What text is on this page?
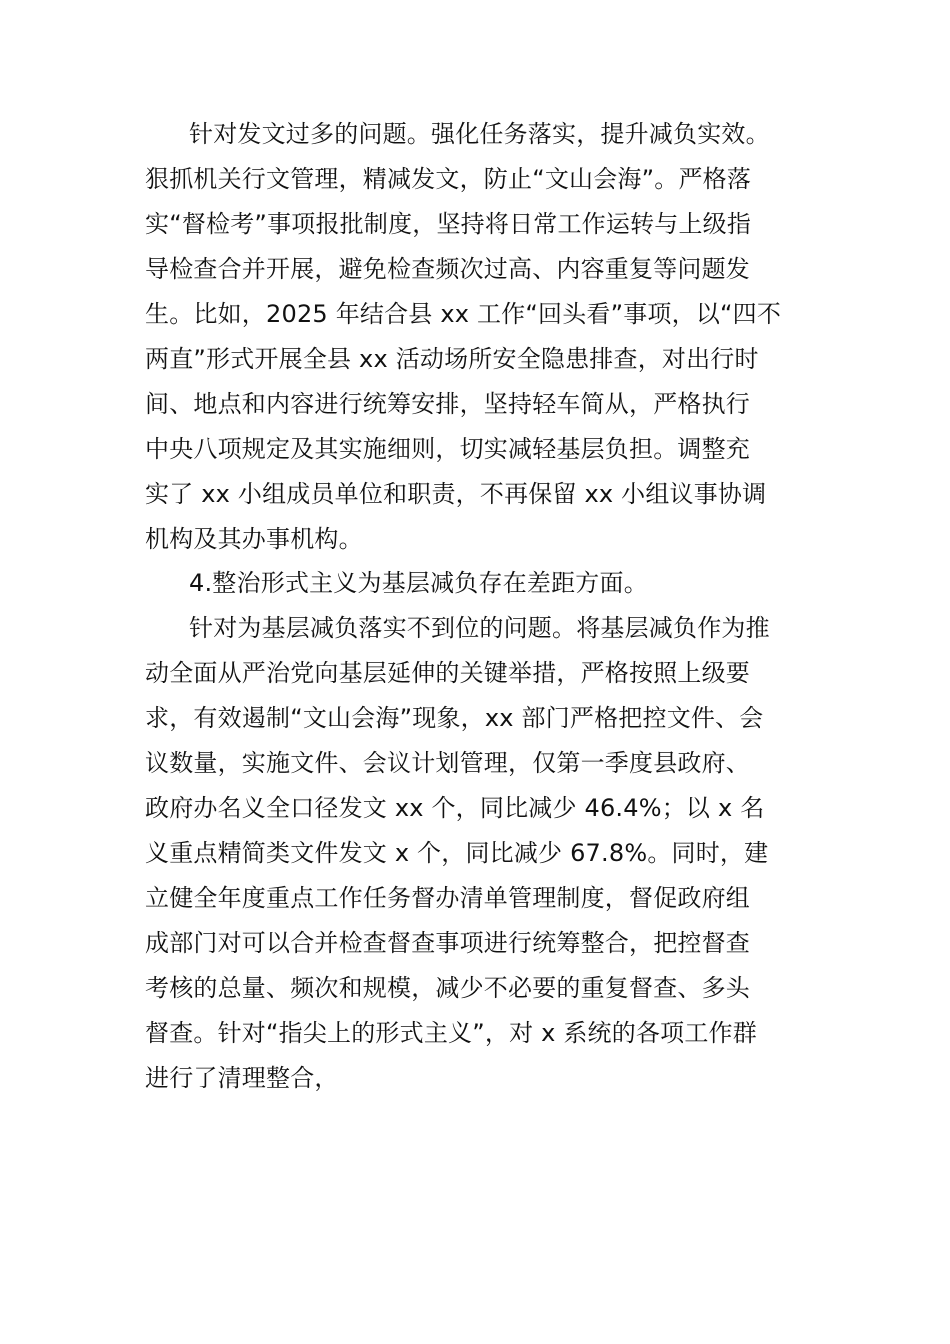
针对发文过多的问题。强化任务落实，提升减负实效。
狠抓机关行文管理，精减发文，防止“文山会海”。严格落
实“督检考”事项报批制度，坚持将日常工作运转与上级指
导检查合并开展，避免检查频次过高、内容重复等问题发
生。比如，2025 年结合县 xx 工作“回头看”事项，以“四不
两直”形式开展全县 xx 活动场所安全隐患排查，对出行时
间、地点和内容进行统筹安排，坚持轻车简从，严格执行
中央八项规定及其实施细则，切实减轻基层负担。调整充
实了 xx 小组成员单位和职责，不再保留 xx 小组议事协调
机构及其办事机构。
4.整治形式主义为基层减负存在差距方面。
针对为基层减负落实不到位的问题。将基层减负作为推
动全面从严治党向基层延伸的关键举措，严格按照上级要
求，有效遏制“文山会海”现象，xx 部门严格把控文件、会
议数量，实施文件、会议计划管理，仅第一季度县政府、
政府办名义全口径发文 xx 个，同比减少 46.4%；以 x 名
义重点精简类文件发文 x 个，同比减少 67.8%。同时，建
立健全年度重点工作任务督办清单管理制度，督促政府组
成部门对可以合并检查督查事项进行统筹整合，把控督查
考核的总量、频次和规模，减少不必要的重复督查、多头
督查。针对“指尖上的形式主义”，对 x 系统的各项工作群
进行了清理整合，
